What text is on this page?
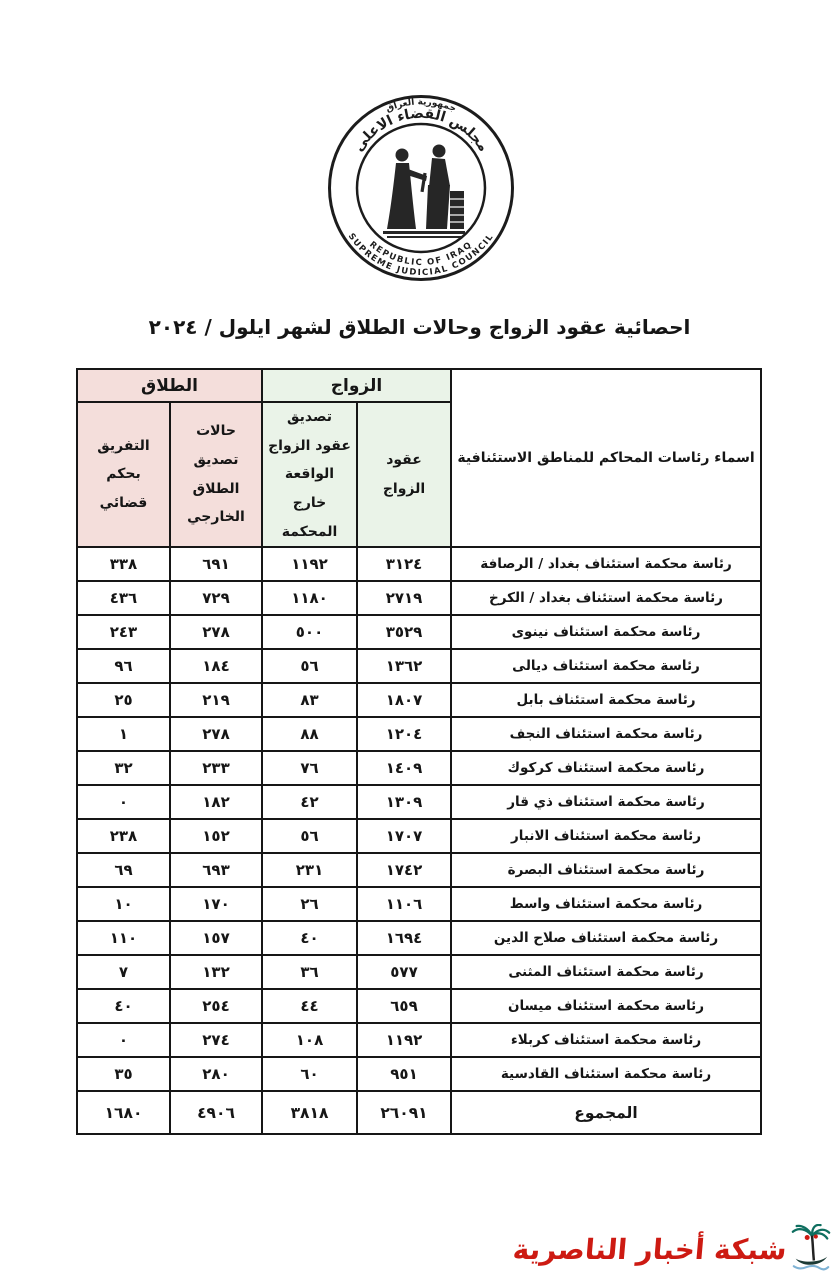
جمهورية العراق
مجلس القضاء الاعلى
REPUBLIC OF IRAQ
SUPREME JUDICIAL COUNCIL
احصائية عقود الزواج وحالات الطلاق لشهر ايلول / ٢٠٢٤
اسماء رئاسات المحاكم للمناطق الاستئنافية	الزواج		الطلاق	
	عقود الزواج	تصديق عقود الزواج الواقعة خارج المحكمة	حالات تصديق الطلاق الخارجي	التفريق بحكم قضائي
رئاسة محكمة استئناف بغداد / الرصافة	٣١٢٤	١١٩٢	٦٩١	٣٣٨
رئاسة محكمة استئناف بغداد / الكرخ	٢٧١٩	١١٨٠	٧٢٩	٤٣٦
رئاسة محكمة استئناف نينوى	٣٥٢٩	٥٠٠	٢٧٨	٢٤٣
رئاسة محكمة استئناف ديالى	١٣٦٢	٥٦	١٨٤	٩٦
رئاسة محكمة استئناف بابل	١٨٠٧	٨٣	٢١٩	٢٥
رئاسة محكمة استئناف النجف	١٢٠٤	٨٨	٢٧٨	١
رئاسة محكمة استئناف كركوك	١٤٠٩	٧٦	٢٣٣	٣٢
رئاسة محكمة استئناف ذي قار	١٣٠٩	٤٢	١٨٢	٠
رئاسة محكمة استئناف الانبار	١٧٠٧	٥٦	١٥٢	٢٣٨
رئاسة محكمة استئناف البصرة	١٧٤٢	٢٣١	٦٩٣	٦٩
رئاسة محكمة استئناف واسط	١١٠٦	٢٦	١٧٠	١٠
رئاسة محكمة استئناف صلاح الدين	١٦٩٤	٤٠	١٥٧	١١٠
رئاسة محكمة استئناف المثنى	٥٧٧	٣٦	١٣٢	٧
رئاسة محكمة استئناف ميسان	٦٥٩	٤٤	٢٥٤	٤٠
رئاسة محكمة استئناف كربلاء	١١٩٢	١٠٨	٢٧٤	٠
رئاسة محكمة استئناف القادسية	٩٥١	٦٠	٢٨٠	٣٥
المجموع	٢٦٠٩١	٣٨١٨	٤٩٠٦	١٦٨٠
شبكة أخبار الناصرية
